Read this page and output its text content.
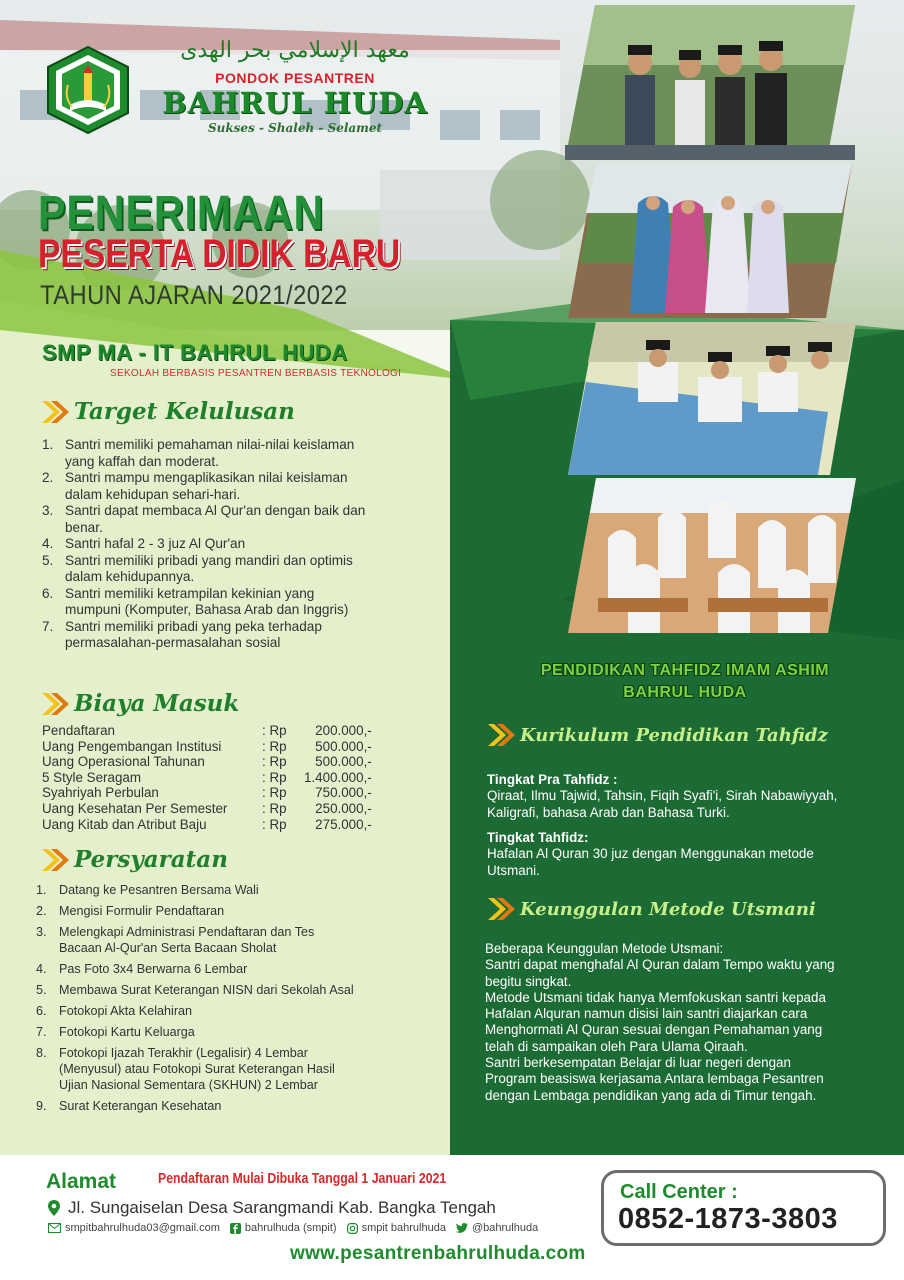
معهد الإسلامي بحر الهدى
PONDOK PESANTREN
BAHRUL HUDA
Sukses - Shaleh - Selamet
PENERIMAAN
PESERTA DIDIK BARU
TAHUN AJARAN 2021/2022
SMP MA - IT BAHRUL HUDA
SEKOLAH BERBASIS PESANTREN BERBASIS TEKNOLOGI
Target Kelulusan
1. Santri memiliki pemahaman nilai-nilai keislaman yang kaffah dan moderat.
2. Santri mampu mengaplikasikan nilai keislaman dalam kehidupan sehari-hari.
3. Santri dapat membaca Al Qur'an dengan baik dan benar.
4. Santri hafal 2 - 3 juz Al Qur'an
5. Santri memiliki pribadi yang mandiri dan optimis dalam kehidupannya.
6. Santri memiliki ketrampilan kekinian yang mumpuni (Komputer, Bahasa Arab dan Inggris)
7. Santri memiliki pribadi yang peka terhadap permasalahan-permasalahan sosial
Biaya Masuk
Pendaftaran	: Rp	200.000,-
Uang Pengembangan Institusi	: Rp	500.000,-
Uang Operasional Tahunan	: Rp	500.000,-
5 Style Seragam	: Rp	1.400.000,-
Syahriyah Perbulan	: Rp	750.000,-
Uang Kesehatan Per Semester	: Rp	250.000,-
Uang Kitab dan Atribut Baju	: Rp	275.000,-
Persyaratan
1. Datang ke Pesantren Bersama Wali
2. Mengisi Formulir Pendaftaran
3. Melengkapi Administrasi Pendaftaran dan Tes Bacaan Al-Qur'an Serta Bacaan Sholat
4. Pas Foto 3x4 Berwarna 6 Lembar
5. Membawa Surat Keterangan NISN dari Sekolah Asal
6. Fotokopi Akta Kelahiran
7. Fotokopi Kartu Keluarga
8. Fotokopi Ijazah Terakhir (Legalisir) 4 Lembar (Menyusul) atau Fotokopi Surat Keterangan Hasil Ujian Nasional Sementara (SKHUN) 2 Lembar
9. Surat Keterangan Kesehatan
PENDIDIKAN TAHFIDZ IMAM ASHIM
BAHRUL HUDA
Kurikulum Pendidikan Tahfidz
Tingkat Pra Tahfidz :
Qiraat, Ilmu Tajwid, Tahsin, Fiqih Syafi'i, Sirah Nabawiyyah, Kaligrafi, bahasa Arab dan Bahasa Turki.
Tingkat Tahfidz:
Hafalan Al Quran 30 juz dengan Menggunakan metode Utsmani.
Keunggulan Metode Utsmani
Beberapa Keunggulan Metode Utsmani:
Santri dapat menghafal Al Quran dalam Tempo waktu yang begitu singkat.
Metode Utsmani tidak hanya Memfokuskan santri kepada Hafalan Alquran namun disisi lain santri diajarkan cara Menghormati Al Quran sesuai dengan Pemahaman yang telah di sampaikan oleh Para Ulama Qiraah.
Santri berkesempatan Belajar di luar negeri dengan Program beasiswa kerjasama Antara lembaga Pesantren dengan Lembaga pendidikan yang ada di Timur tengah.
Alamat	Pendaftaran Mulai Dibuka Tanggal 1 Januari 2021
Jl. Sungaiselan Desa Sarangmandi Kab. Bangka Tengah
smpitbahrulhuda03@gmail.com bahrulhuda (smpit) smpit bahrulhuda @bahrulhuda
www.pesantrenbahrulhuda.com
Call Center :
0852-1873-3803
